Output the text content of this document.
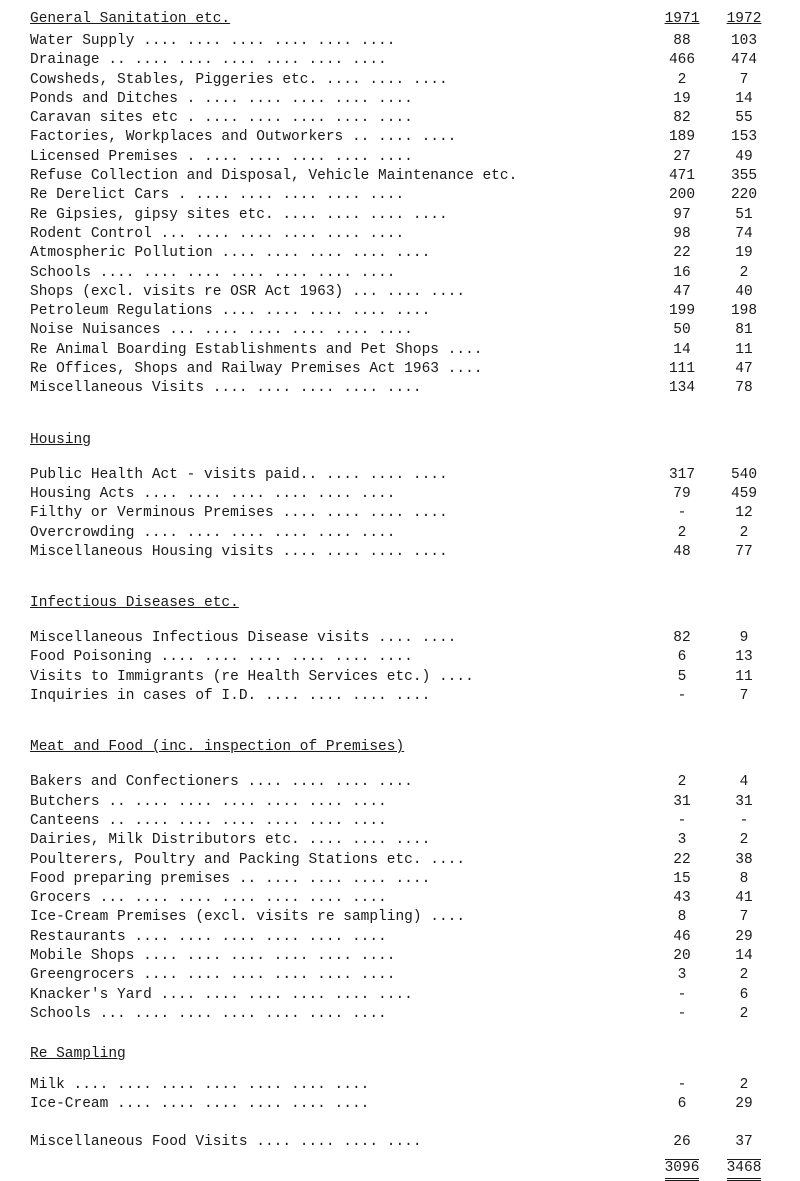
General Sanitation etc.	1971	1972
Water Supply .... .... .... .... .... ....	88	103
Drainage .. .... .... .... .... .... ....	466	474
Cowsheds, Stables, Piggeries etc. .... .... ....	2	7
Ponds and Ditches . .... .... .... .... ....	19	14
Caravan sites etc . .... .... .... .... ....	82	55
Factories, Workplaces and Outworkers .. .... ....	189	153
Licensed Premises . .... .... .... .... ....	27	49
Refuse Collection and Disposal, Vehicle Maintenance etc.	471	355
Re Derelict Cars . .... .... .... .... ....	200	220
Re Gipsies, gipsy sites etc. .... .... .... ....	97	51
Rodent Control ... .... .... .... .... ....	98	74
Atmospheric Pollution .... .... .... .... ....	22	19
Schools .... .... .... .... .... .... ....	16	2
Shops (excl. visits re OSR Act 1963) ... .... ....	47	40
Petroleum Regulations .... .... .... .... ....	199	198
Noise Nuisances ... .... .... .... .... ....	50	81
Re Animal Boarding Establishments and Pet Shops ....	14	11
Re Offices, Shops and Railway Premises Act 1963 ....	111	47
Miscellaneous Visits .... .... .... .... ....	134	78
Housing
Public Health Act - visits paid.. .... .... ....	317	540
Housing Acts .... .... .... .... .... ....	79	459
Filthy or Verminous Premises .... .... .... ....	-	12
Overcrowding .... .... .... .... .... ....	2	2
Miscellaneous Housing visits .... .... .... ....	48	77
Infectious Diseases etc.
Miscellaneous Infectious Disease visits .... ....	82	9
Food Poisoning .... .... .... .... .... ....	6	13
Visits to Immigrants (re Health Services etc.) ....	5	11
Inquiries in cases of I.D. .... .... .... ....	-	7
Meat and Food (inc. inspection of Premises)
Bakers and Confectioners .... .... .... ....	2	4
Butchers .. .... .... .... .... .... ....	31	31
Canteens .. .... .... .... .... .... ....	-	-
Dairies, Milk Distributors etc. .... .... ....	3	2
Poulterers, Poultry and Packing Stations etc. ....	22	38
Food preparing premises .. .... .... .... ....	15	8
Grocers ... .... .... .... .... .... ....	43	41
Ice-Cream Premises (excl. visits re sampling) ....	8	7
Restaurants .... .... .... .... .... ....	46	29
Mobile Shops .... .... .... .... .... ....	20	14
Greengrocers .... .... .... .... .... ....	3	2
Knacker's Yard .... .... .... .... .... ....	-	6
Schools ... .... .... .... .... .... ....	-	2
Re Sampling
Milk .... .... .... .... .... .... ....	-	2
Ice-Cream .... .... .... .... .... ....	6	29
Miscellaneous Food Visits .... .... .... ....	26	37
3096	3468
